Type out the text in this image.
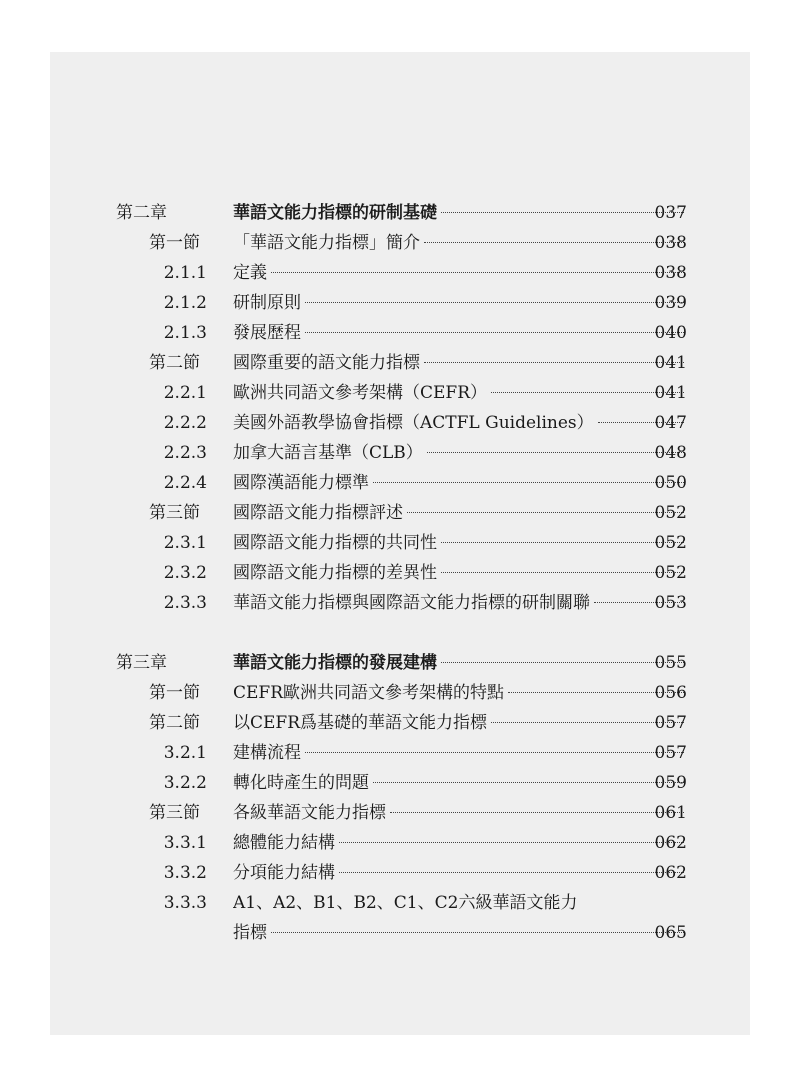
第二章	華語文能力指標的研制基礎	037
第一節 「華語文能力指標」簡介	038
2.1.1 定義	038
2.1.2 研制原則	039
2.1.3 發展歷程	040
第二節 國際重要的語文能力指標	041
2.2.1 歐洲共同語文參考架構（CEFR）	041
2.2.2 美國外語教學協會指標（ACTFL Guidelines）	047
2.2.3 加拿大語言基準（CLB）	048
2.2.4 國際漢語能力標準	050
第三節 國際語文能力指標評述	052
2.3.1 國際語文能力指標的共同性	052
2.3.2 國際語文能力指標的差異性	052
2.3.3 華語文能力指標與國際語文能力指標的研制關聯	053
第三章	華語文能力指標的發展建構	055
第一節 CEFR歐洲共同語文參考架構的特點	056
第二節 以CEFR爲基礎的華語文能力指標	057
3.2.1 建構流程	057
3.2.2 轉化時產生的問題	059
第三節 各級華語文能力指標	061
3.3.1 總體能力結構	062
3.3.2 分項能力結構	062
3.3.3 A1、A2、B1、B2、C1、C2六級華語文能力
指標	065
